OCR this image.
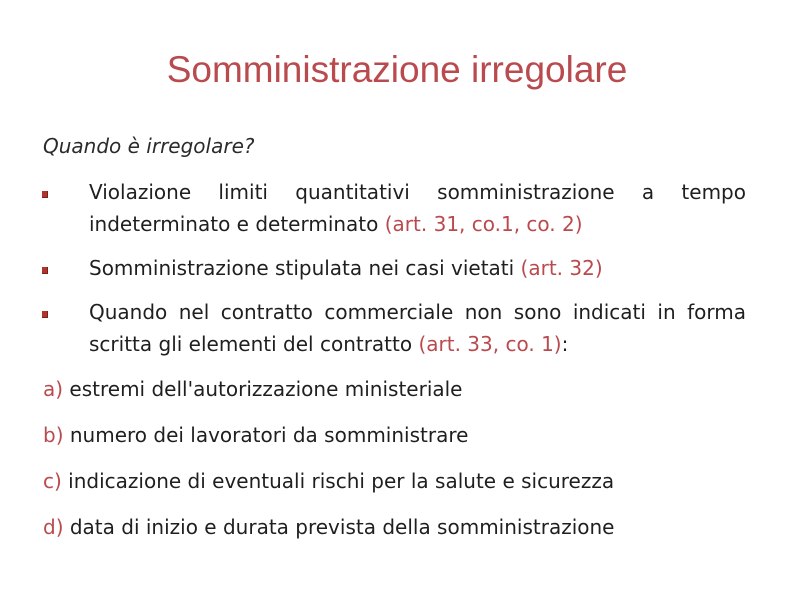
Somministrazione irregolare
Quando è irregolare?
Violazione limiti quantitativi somministrazione a tempo indeterminato e determinato (art. 31, co.1, co. 2)
Somministrazione stipulata nei casi vietati (art. 32)
Quando nel contratto commerciale non sono indicati in forma scritta gli elementi del contratto (art. 33, co. 1):
a) estremi dell'autorizzazione ministeriale
b) numero dei lavoratori da somministrare
c) indicazione di eventuali rischi per la salute e sicurezza
d) data di inizio e durata prevista della somministrazione
